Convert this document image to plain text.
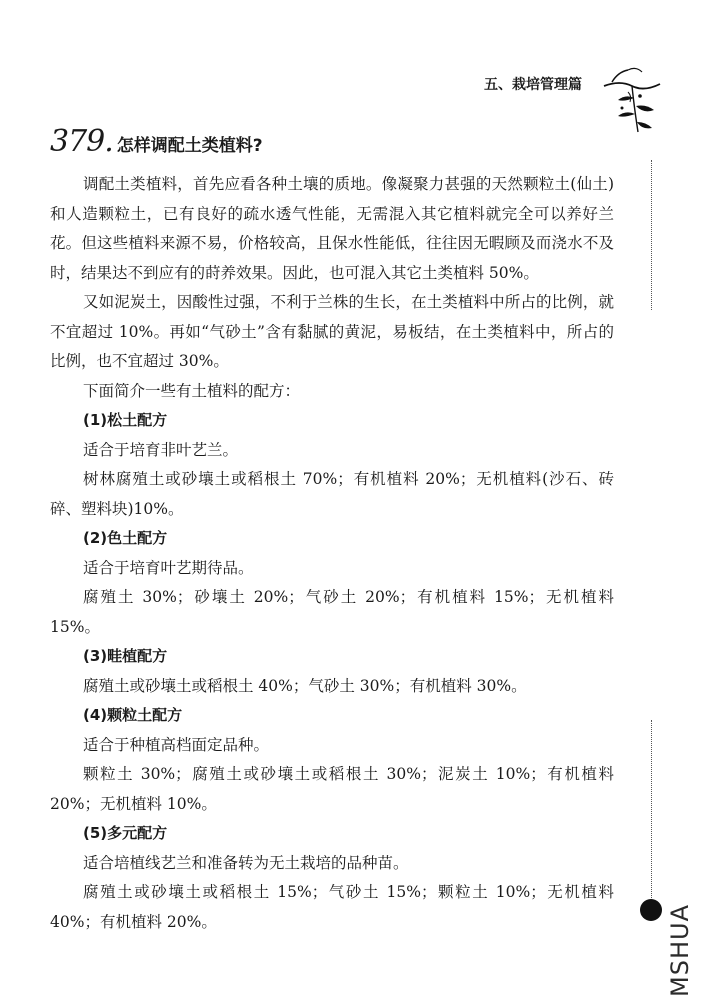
五、栽培管理篇
MSHUA
379. 怎样调配土类植料?

调配土类植料，首先应看各种土壤的质地。像凝聚力甚强的天然颗粒土(仙土)和人造颗粒土，已有良好的疏水透气性能，无需混入其它植料就完全可以养好兰花。但这些植料来源不易，价格较高，且保水性能低，往往因无暇顾及而浇水不及时，结果达不到应有的莳养效果。因此，也可混入其它土类植料 50%。

又如泥炭土，因酸性过强，不利于兰株的生长，在土类植料中所占的比例，就不宜超过 10%。再如“气砂土”含有黏腻的黄泥，易板结，在土类植料中，所占的比例，也不宜超过 30%。

下面简介一些有土植料的配方：

(1)松土配方

适合于培育非叶艺兰。

树林腐殖土或砂壤土或稻根土 70%；有机植料 20%；无机植料(沙石、砖碎、塑料块)10%。

(2)色土配方

适合于培育叶艺期待品。

腐殖土 30%；砂壤土 20%；气砂土 20%；有机植料 15%；无机植料 15%。

(3)畦植配方

腐殖土或砂壤土或稻根土 40%；气砂土 30%；有机植料 30%。

(4)颗粒土配方

适合于种植高档面定品种。

颗粒土 30%；腐殖土或砂壤土或稻根土 30%；泥炭土 10%；有机植料 20%；无机植料 10%。

(5)多元配方

适合培植线艺兰和准备转为无土栽培的品种苗。

腐殖土或砂壤土或稻根土 15%；气砂土 15%；颗粒土 10%；无机植料 40%；有机植料 20%。
